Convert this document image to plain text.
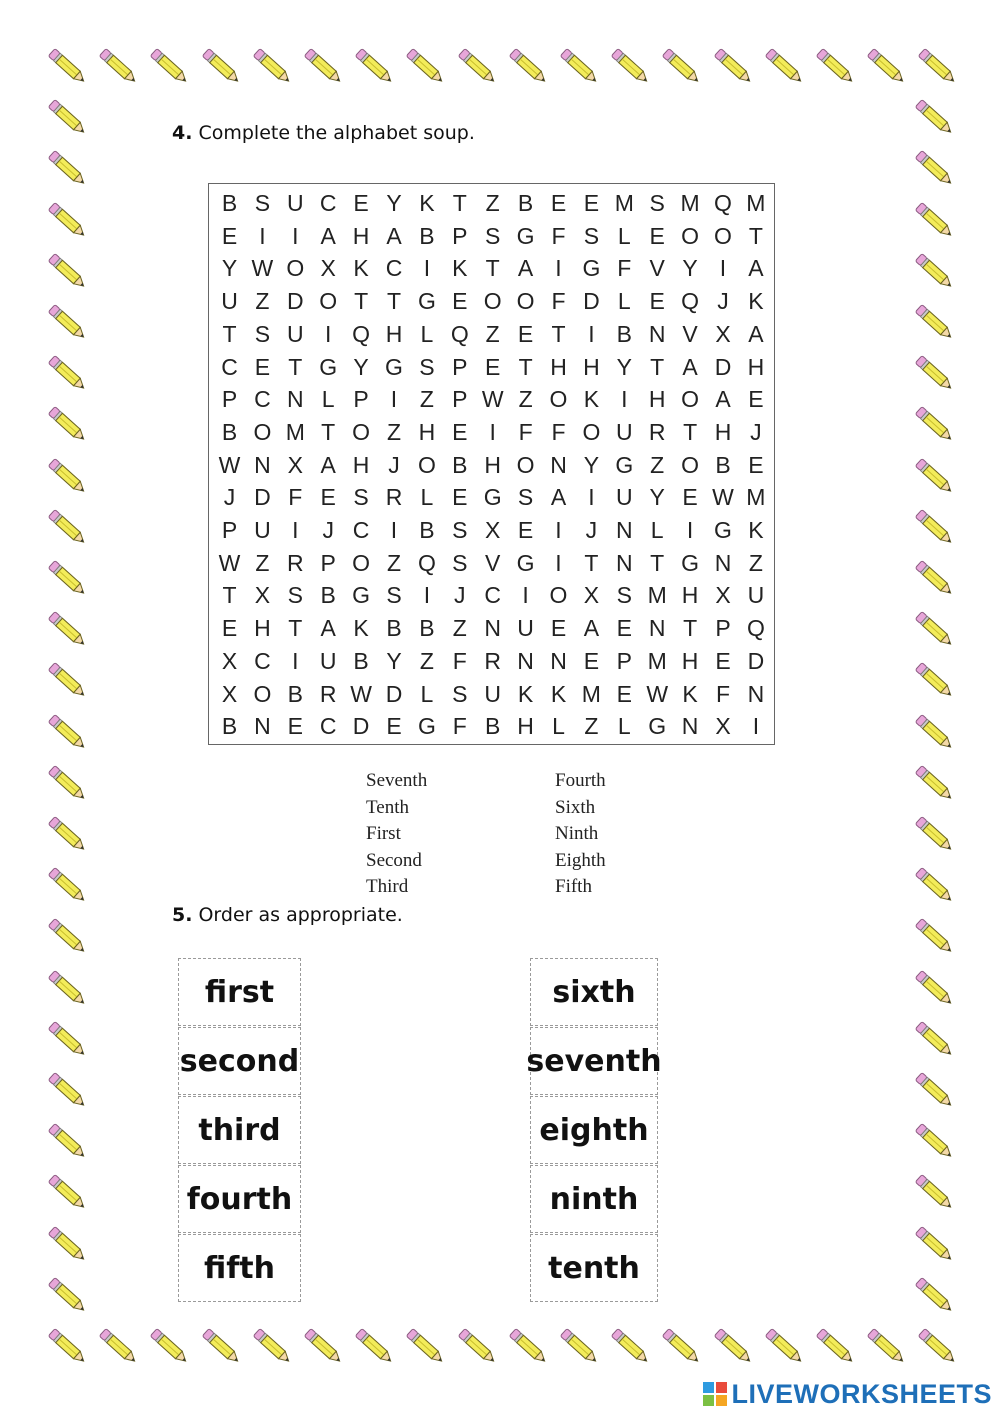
4. Complete the alphabet soup.
B S U C E Y K T Z B E E M S M Q M
E I	I A H A B P S G F S L E O O T
Y W O X K C I K T A I G F V Y I A
U Z D O T T G E O O F D L E Q J K
T S U I Q H L Q Z E T I B N V X A
C E T G Y G S P E T H H Y T A D H
P C N L P I Z P W Z O K I H O A E
B O M T O Z H E I F F O U R T H J
W N X A H J O B H O N Y G Z O B E
J D F E S R L E G S A I U Y E W M
P U I	J C I B S X E I	J N L	I G K
W Z R P O Z Q S V G I T N T G N Z
T X S B G S I	J C I O X S M H X U
E H T A K B B Z N U E A E N T P Q
X C I U B Y Z F R N N E P M H E D
X O B R W D L S U K K M E W K F N
B N E C D E G F B H L Z L G N X I
Seventh
Tenth
First
Second
Third
Fourth
Sixth
Ninth
Eighth
Fifth
5. Order as appropriate.
first
second
third
fourth
fifth
sixth
seventh
eighth
ninth
tenth
LIVEWORKSHEETS
